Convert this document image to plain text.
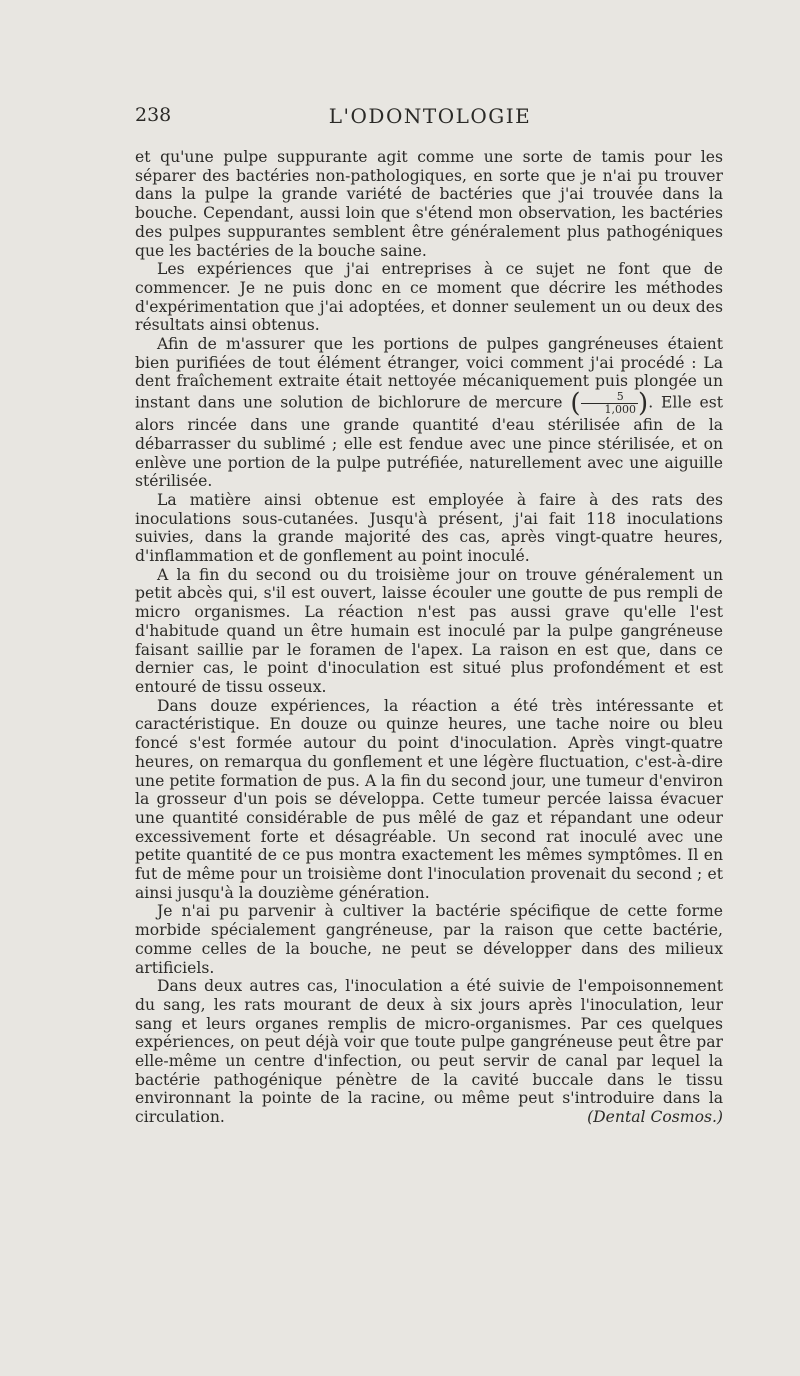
238	L'ODONTOLOGIE

et qu'une pulpe suppurante agit comme une sorte de tamis pour les séparer des bactéries non-pathologiques, en sorte que je n'ai pu trouver dans la pulpe la grande variété de bactéries que j'ai trouvée dans la bouche. Cependant, aussi loin que s'étend mon observation, les bactéries des pulpes suppurantes semblent être généralement plus pathogéniques que les bactéries de la bouche saine.

Les expériences que j'ai entreprises à ce sujet ne font que de commencer. Je ne puis donc en ce moment que décrire les méthodes d'expérimentation que j'ai adoptées, et donner seulement un ou deux des résultats ainsi obtenus.

Afin de m'assurer que les portions de pulpes gangréneuses étaient bien purifiées de tout élément étranger, voici comment j'ai procédé : La dent fraîchement extraite était nettoyée mécaniquement puis plongée un instant dans une solution de bichlorure de mercure ( $\frac{5}{1,000}$ ). Elle est alors rincée dans une grande quantité d'eau stérilisée afin de la débarrasser du sublimé ; elle est fendue avec une pince stérilisée, et on enlève une portion de la pulpe putréfiée, naturellement avec une aiguille stérilisée.

La matière ainsi obtenue est employée à faire à des rats des inoculations sous-cutanées. Jusqu'à présent, j'ai fait 118 inoculations suivies, dans la grande majorité des cas, après vingt-quatre heures, d'inflammation et de gonflement au point inoculé.

A la fin du second ou du troisième jour on trouve généralement un petit abcès qui, s'il est ouvert, laisse écouler une goutte de pus rempli de micro organismes. La réaction n'est pas aussi grave qu'elle l'est d'habitude quand un être humain est inoculé par la pulpe gangréneuse faisant saillie par le foramen de l'apex. La raison en est que, dans ce dernier cas, le point d'inoculation est situé plus profondément et est entouré de tissu osseux.

Dans douze expériences, la réaction a été très intéressante et caractéristique. En douze ou quinze heures, une tache noire ou bleu foncé s'est formée autour du point d'inoculation. Après vingt-quatre heures, on remarqua du gonflement et une légère fluctuation, c'est-à-dire une petite formation de pus. A la fin du second jour, une tumeur d'environ la grosseur d'un pois se développa. Cette tumeur percée laissa évacuer une quantité considérable de pus mêlé de gaz et répandant une odeur excessivement forte et désagréable. Un second rat inoculé avec une petite quantité de ce pus montra exactement les mêmes symptômes. Il en fut de même pour un troisième dont l'inoculation provenait du second ; et ainsi jusqu'à la douzième génération.

Je n'ai pu parvenir à cultiver la bactérie spécifique de cette forme morbide spécialement gangréneuse, par la raison que cette bactérie, comme celles de la bouche, ne peut se développer dans des milieux artificiels.

Dans deux autres cas, l'inoculation a été suivie de l'empoisonnement du sang, les rats mourant de deux à six jours après l'inoculation, leur sang et leurs organes remplis de micro-organismes. Par ces quelques expériences, on peut déjà voir que toute pulpe gangréneuse peut être par elle-même un centre d'infection, ou peut servir de canal par lequel la bactérie pathogénique pénètre de la cavité buccale dans le tissu environnant la pointe de la racine, ou même peut s'introduire dans la circulation.	(Dental Cosmos.)
